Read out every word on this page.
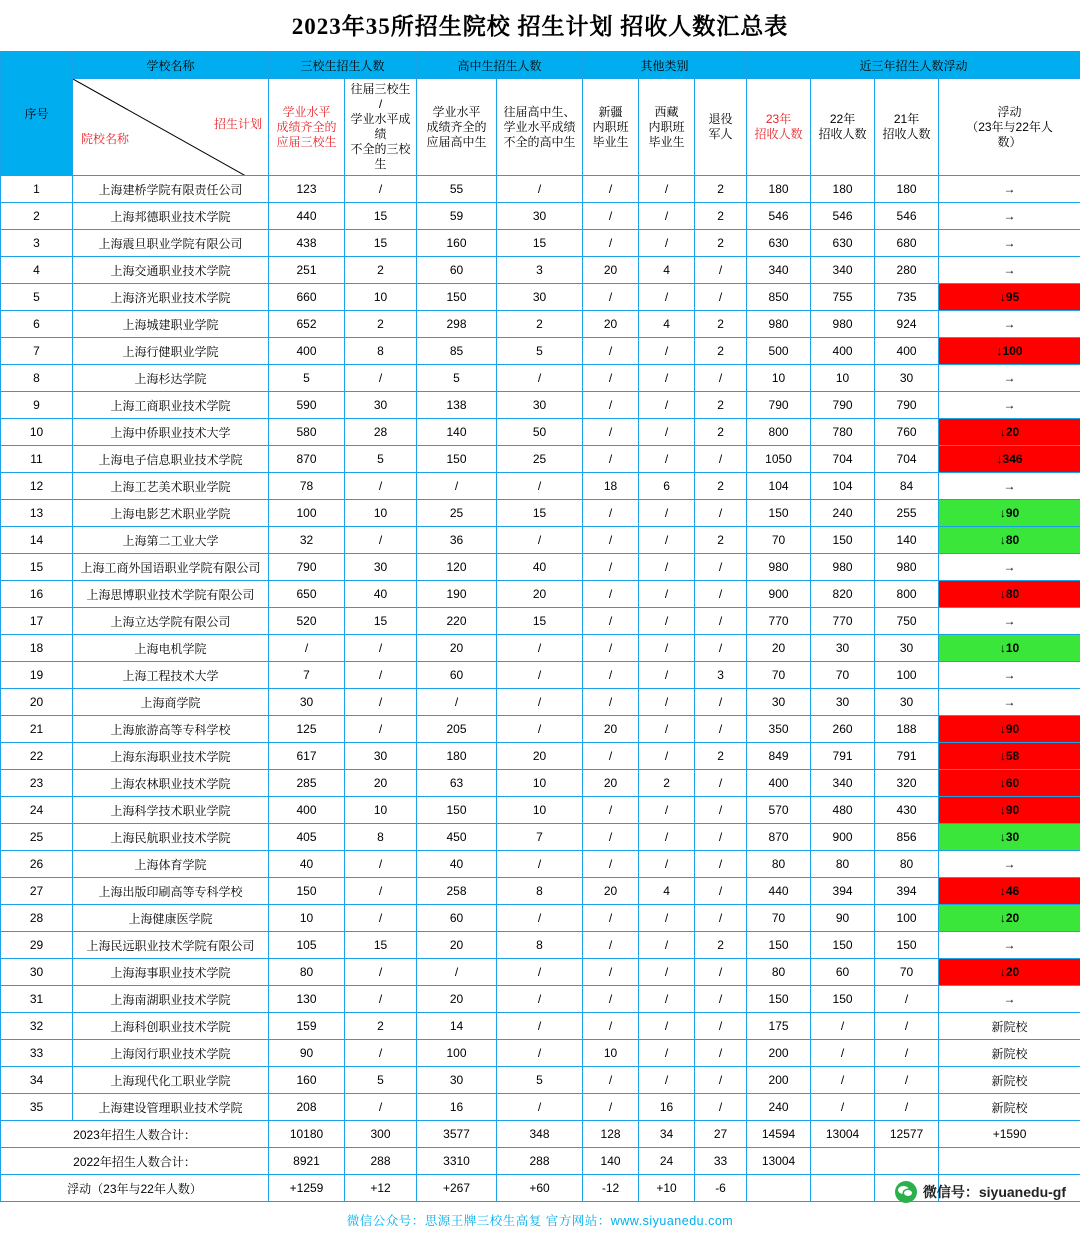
2023年35所招生院校 招生计划 招收人数汇总表
序号	学校名称	三校生招生人数		高中生招生人数		其他类别			近三年招生人数浮动			

	招生计划
院校名称	学业水平
成绩齐全的
应届三校生	往届三校生
/
学业水平成绩
不全的三校生	学业水平
成绩齐全的
应届高中生	往届高中生、
学业水平成绩
不全的高中生	新疆
内职班
毕业生	西藏
内职班
毕业生	退役
军人	23年
招收人数	22年
招收人数	21年
招收人数	浮动
（23年与22年人
数）

1	上海建桥学院有限责任公司	123	/	55	/	/	/	2	180	180	180	→
2	上海邦德职业技术学院	440	15	59	30	/	/	2	546	546	546	→
3	上海震旦职业学院有限公司	438	15	160	15	/	/	2	630	630	680	→
4	上海交通职业技术学院	251	2	60	3	20	4	/	340	340	280	→
5	上海济光职业技术学院	660	10	150	30	/	/	/	850	755	735	↓95
6	上海城建职业学院	652	2	298	2	20	4	2	980	980	924	→
7	上海行健职业学院	400	8	85	5	/	/	2	500	400	400	↓100
8	上海杉达学院	5	/	5	/	/	/	/	10	10	30	→
9	上海工商职业技术学院	590	30	138	30	/	/	2	790	790	790	→
10	上海中侨职业技术大学	580	28	140	50	/	/	2	800	780	760	↓20
11	上海电子信息职业技术学院	870	5	150	25	/	/	/	1050	704	704	↓346
12	上海工艺美术职业学院	78	/	/	/	18	6	2	104	104	84	→
13	上海电影艺术职业学院	100	10	25	15	/	/	/	150	240	255	↓90
14	上海第二工业大学	32	/	36	/	/	/	2	70	150	140	↓80
15	上海工商外国语职业学院有限公司	790	30	120	40	/	/	/	980	980	980	→
16	上海思博职业技术学院有限公司	650	40	190	20	/	/	/	900	820	800	↓80
17	上海立达学院有限公司	520	15	220	15	/	/	/	770	770	750	→
18	上海电机学院	/	/	20	/	/	/	/	20	30	30	↓10
19	上海工程技术大学	7	/	60	/	/	/	3	70	70	100	→
20	上海商学院	30	/	/	/	/	/	/	30	30	30	→
21	上海旅游高等专科学校	125	/	205	/	20	/	/	350	260	188	↓90
22	上海东海职业技术学院	617	30	180	20	/	/	2	849	791	791	↓58
23	上海农林职业技术学院	285	20	63	10	20	2	/	400	340	320	↓60
24	上海科学技术职业学院	400	10	150	10	/	/	/	570	480	430	↓90
25	上海民航职业技术学院	405	8	450	7	/	/	/	870	900	856	↓30
26	上海体育学院	40	/	40	/	/	/	/	80	80	80	→
27	上海出版印刷高等专科学校	150	/	258	8	20	4	/	440	394	394	↓46
28	上海健康医学院	10	/	60	/	/	/	/	70	90	100	↓20
29	上海民远职业技术学院有限公司	105	15	20	8	/	/	2	150	150	150	→
30	上海海事职业技术学院	80	/	/	/	/	/	/	80	60	70	↓20
31	上海南湖职业技术学院	130	/	20	/	/	/	/	150	150	/	→
32	上海科创职业技术学院	159	2	14	/	/	/	/	175	/	/	新院校
33	上海闵行职业技术学院	90	/	100	/	10	/	/	200	/	/	新院校
34	上海现代化工职业学院	160	5	30	5	/	/	/	200	/	/	新院校
35	上海建设管理职业技术学院	208	/	16	/	/	16	/	240	/	/	新院校
2023年招生人数合计：		10180	300	3577	348	128	34	27	14594	13004	12577	+1590
2022年招生人数合计：		8921	288	3310	288	140	24	33	13004			
浮动（23年与22年人数）		+1259	+12	+267	+60	-12	+10	-6				
微信公众号：思源王牌三校生高复 官方网站：www.siyuanedu.com
微信号：siyuanedu-gf
